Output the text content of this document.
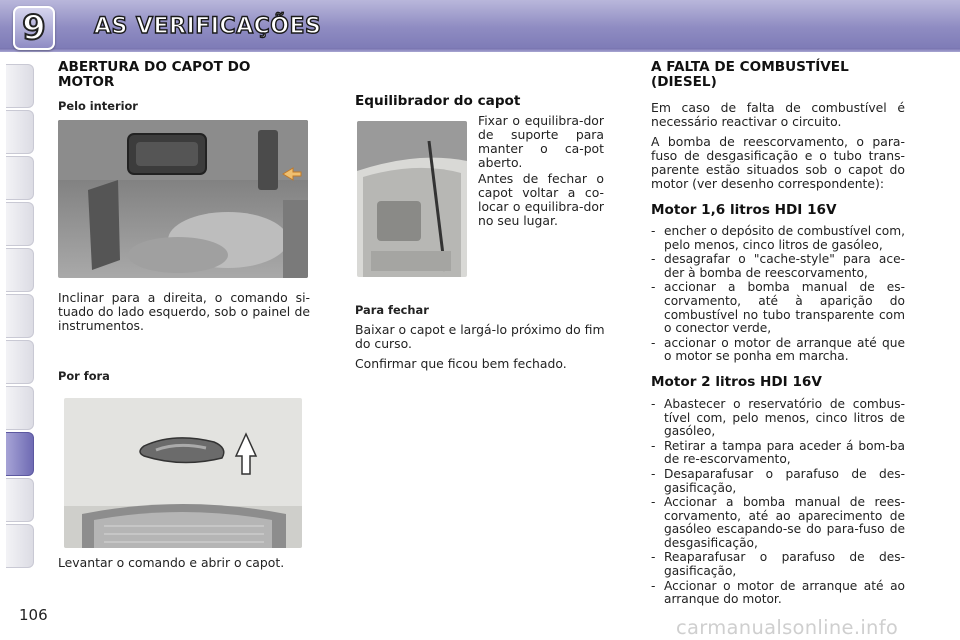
9 AS VERIFICAÇÕES
ABERTURA DO CAPOT DO MOTOR
Pelo interior

Inclinar para a direita, o comando si-tuado do lado esquerdo, sob o painel de instrumentos.

Por fora

Levantar o comando e abrir o capot.

Equilibrador do capot

Fixar o equilibra-dor de suporte para manter o ca-pot aberto.

Antes de fechar o capot voltar a co-locar o equilibra-dor no seu lugar.

Para fechar

Baixar o capot e largá-lo próximo do fim do curso.

Confirmar que ficou bem fechado.

A FALTA DE COMBUSTÍVEL (DIESEL)

Em caso de falta de combustível é necessário reactivar o circuito.

A bomba de reescorvamento, o para-fuso de desgasificação e o tubo trans-parente estão situados sob o capot do motor (ver desenho correspondente):

Motor 1,6 litros HDI 16V
- encher o depósito de combustível com, pelo menos, cinco litros de gasóleo,
- desagrafar o "cache-style" para ace-der à bomba de reescorvamento,
- accionar a bomba manual de es-corvamento, até à aparição do combustível no tubo transparente com o conector verde,
- accionar o motor de arranque até que o motor se ponha em marcha.
Motor 2 litros HDI 16V
- Abastecer o reservatório de combus-tível com, pelo menos, cinco litros de gasóleo,
- Retirar a tampa para aceder á bom-ba de re-escorvamento,
- Desaparafusar o parafuso de des-gasificação,
- Accionar a bomba manual de rees-corvamento, até ao aparecimento de gasóleo escapando-se do para-fuso de desgasificação,
- Reaparafusar o parafuso de des-gasificação,
- Accionar o motor de arranque até ao arranque do motor.
106
carmanualsonline.info
